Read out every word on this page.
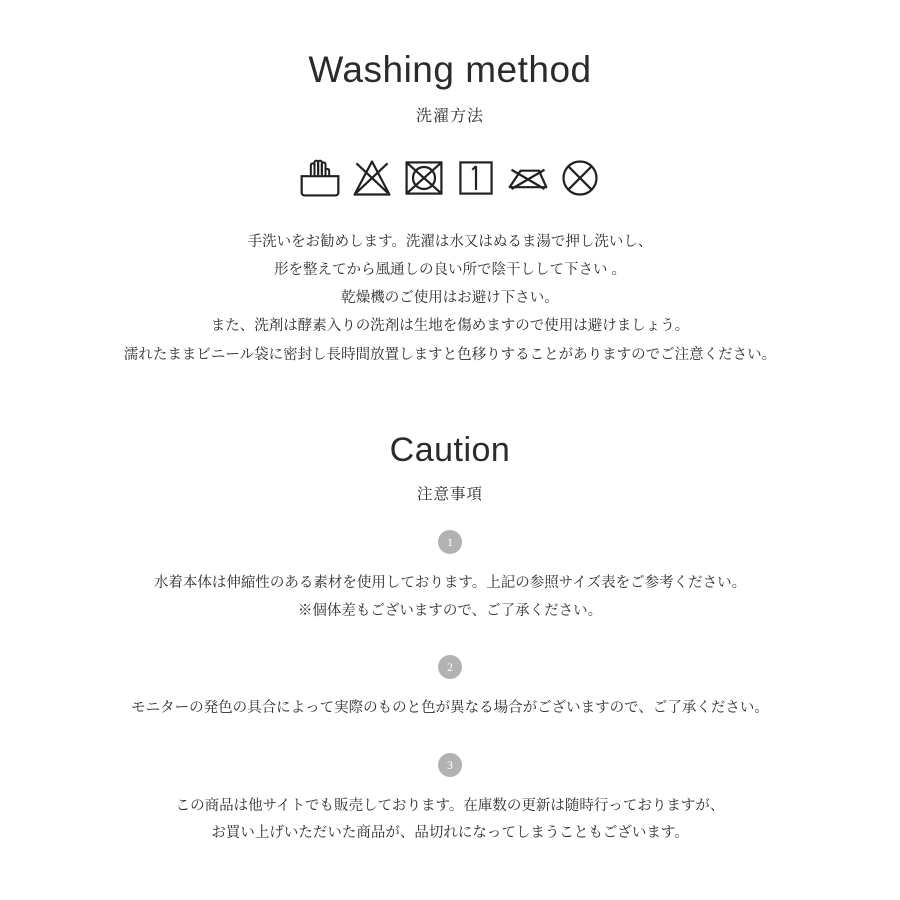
Washing method
洗濯方法
手洗いをお勧めします。洗濯は水又はぬるま湯で押し洗いし、
形を整えてから風通しの良い所で陰干しして下さい 。
乾燥機のご使用はお避け下さい。
また、洗剤は酵素入りの洗剤は生地を傷めますので使用は避けましょう。
濡れたままビニール袋に密封し長時間放置しますと色移りすることがありますのでご注意ください。
Caution
注意事項
1
水着本体は伸縮性のある素材を使用しております。上記の参照サイズ表をご参考ください。
※個体差もございますので、ご了承ください。
2
モニターの発色の具合によって実際のものと色が異なる場合がございますので、ご了承ください。
3
この商品は他サイトでも販売しております。在庫数の更新は随時行っておりますが、
お買い上げいただいた商品が、品切れになってしまうこともございます。
